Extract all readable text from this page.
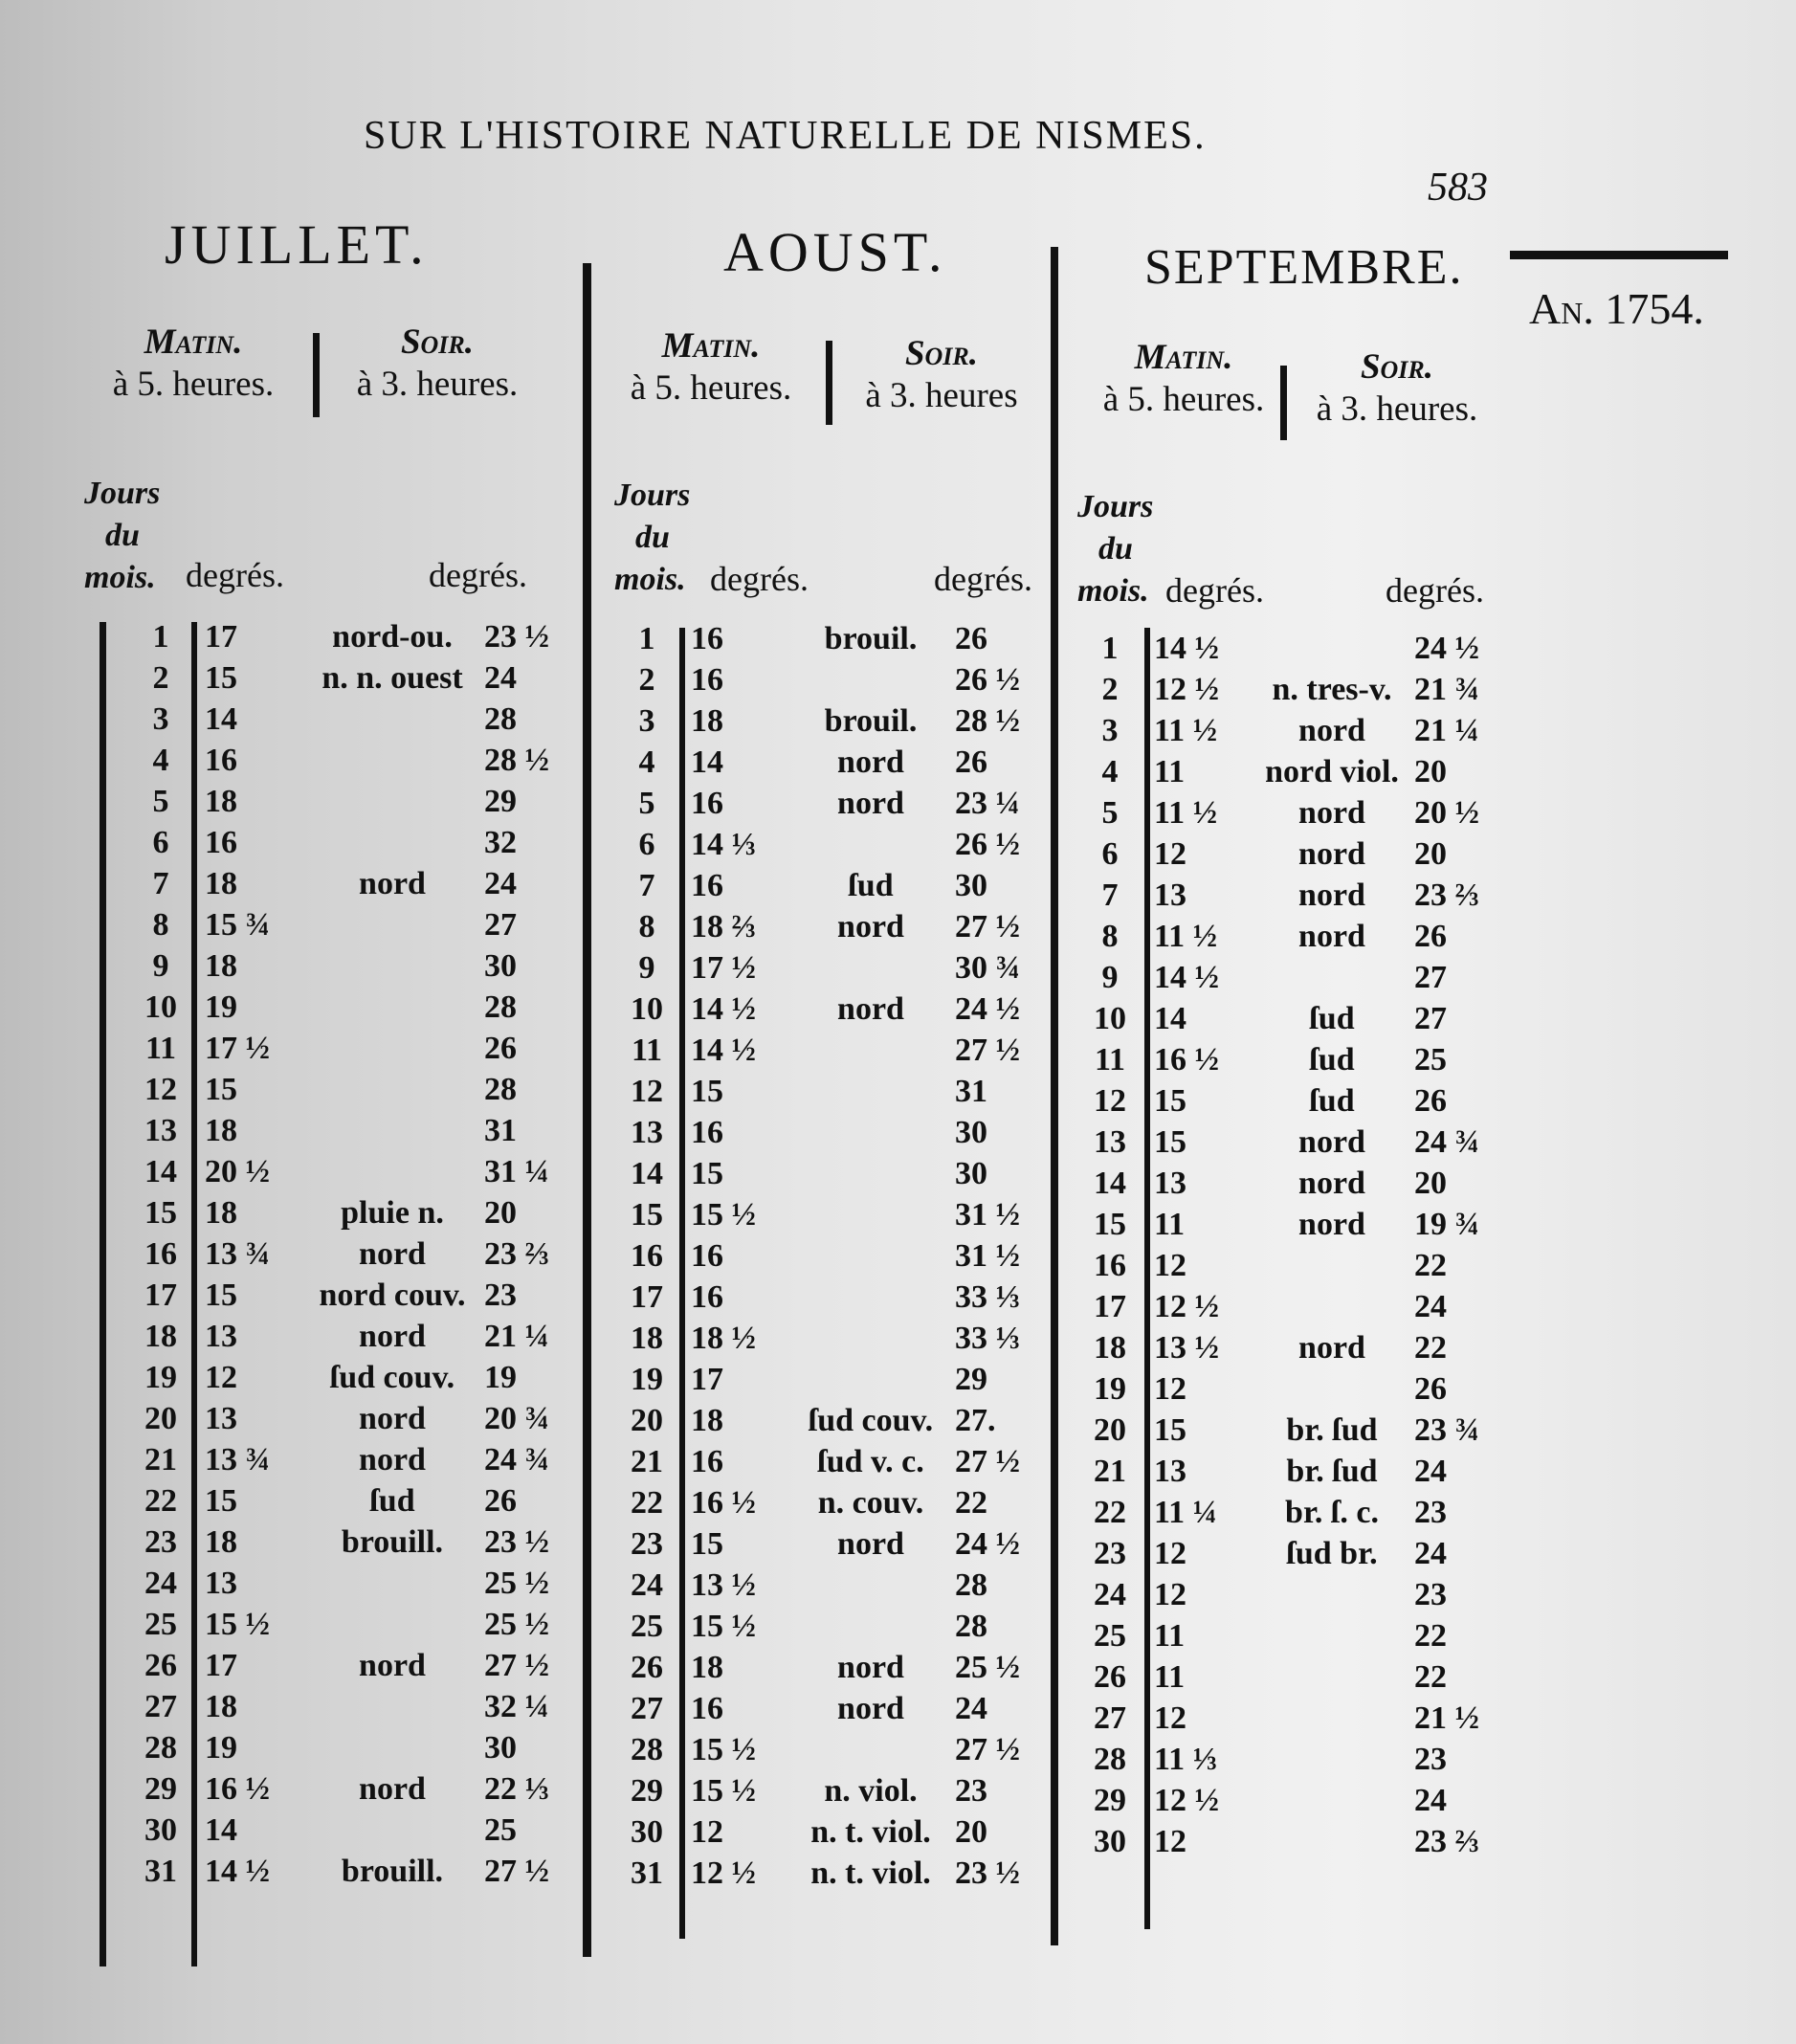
SUR L'HISTOIRE NATURELLE DE NISMES.
583
An. 1754.
JUILLET.	AOUST.	SEPTEMBRE.
Matin.
à 5. heures.
Soir.
à 3. heures.
Jours
du
mois. degrés.	degrés.
Matin.
à 5. heures.
Soir.
à 3. heures
Jours
du
mois. degrés.	degrés.
Matin.
à 5. heures.
Soir.
à 3. heures.
Jours
du
mois. degrés.	degrés.
1	17	nord-ou.	23 ½
2	15	n. n. ouest	24
3	14		28
4	16		28 ½
5	18		29
6	16		32
7	18	nord	24
8	15 ¾		27
9	18		30
10	19		28
11	17 ½		26
12	15		28
13	18		31
14	20 ½		31 ¼
15	18	pluie n.	20
16	13 ¾	nord	23 ⅔
17	15	nord couv.	23
18	13	nord	21 ¼
19	12	ſud couv.	19
20	13	nord	20 ¾
21	13 ¾	nord	24 ¾
22	15	ſud	26
23	18	brouill.	23 ½
24	13		25 ½
25	15 ½		25 ½
26	17	nord	27 ½
27	18		32 ¼
28	19		30
29	16 ½	nord	22 ⅓
30	14		25
31	14 ½	brouill.	27 ½
1	16	brouil.	26
2	16		26 ½
3	18	brouil.	28 ½
4	14	nord	26
5	16	nord	23 ¼
6	14 ⅓		26 ½
7	16	ſud	30
8	18 ⅔	nord	27 ½
9	17 ½		30 ¾
10	14 ½	nord	24 ½
11	14 ½		27 ½
12	15		31
13	16		30
14	15		30
15	15 ½		31 ½
16	16		31 ½
17	16		33 ⅓
18	18 ½		33 ⅓
19	17		29
20	18	ſud couv.	27.
21	16	ſud v. c.	27 ½
22	16 ½	n. couv.	22
23	15	nord	24 ½
24	13 ½		28
25	15 ½		28
26	18	nord	25 ½
27	16	nord	24
28	15 ½		27 ½
29	15 ½	n. viol.	23
30	12	n. t. viol.	20
31	12 ½	n. t. viol.	23 ½
1	14 ½		24 ½
2	12 ½	n. tres-v.	21 ¾
3	11 ½	nord	21 ¼
4	11	nord viol.	20
5	11 ½	nord	20 ½
6	12	nord	20
7	13	nord	23 ⅔
8	11 ½	nord	26
9	14 ½		27
10	14	ſud	27
11	16 ½	ſud	25
12	15	ſud	26
13	15	nord	24 ¾
14	13	nord	20
15	11	nord	19 ¾
16	12		22
17	12 ½		24
18	13 ½	nord	22
19	12		26
20	15	br. ſud	23 ¾
21	13	br. ſud	24
22	11 ¼	br. ſ. c.	23
23	12	ſud br.	24
24	12		23
25	11		22
26	11		22
27	12		21 ½
28	11 ⅓		23
29	12 ½		24
30	12		23 ⅔
